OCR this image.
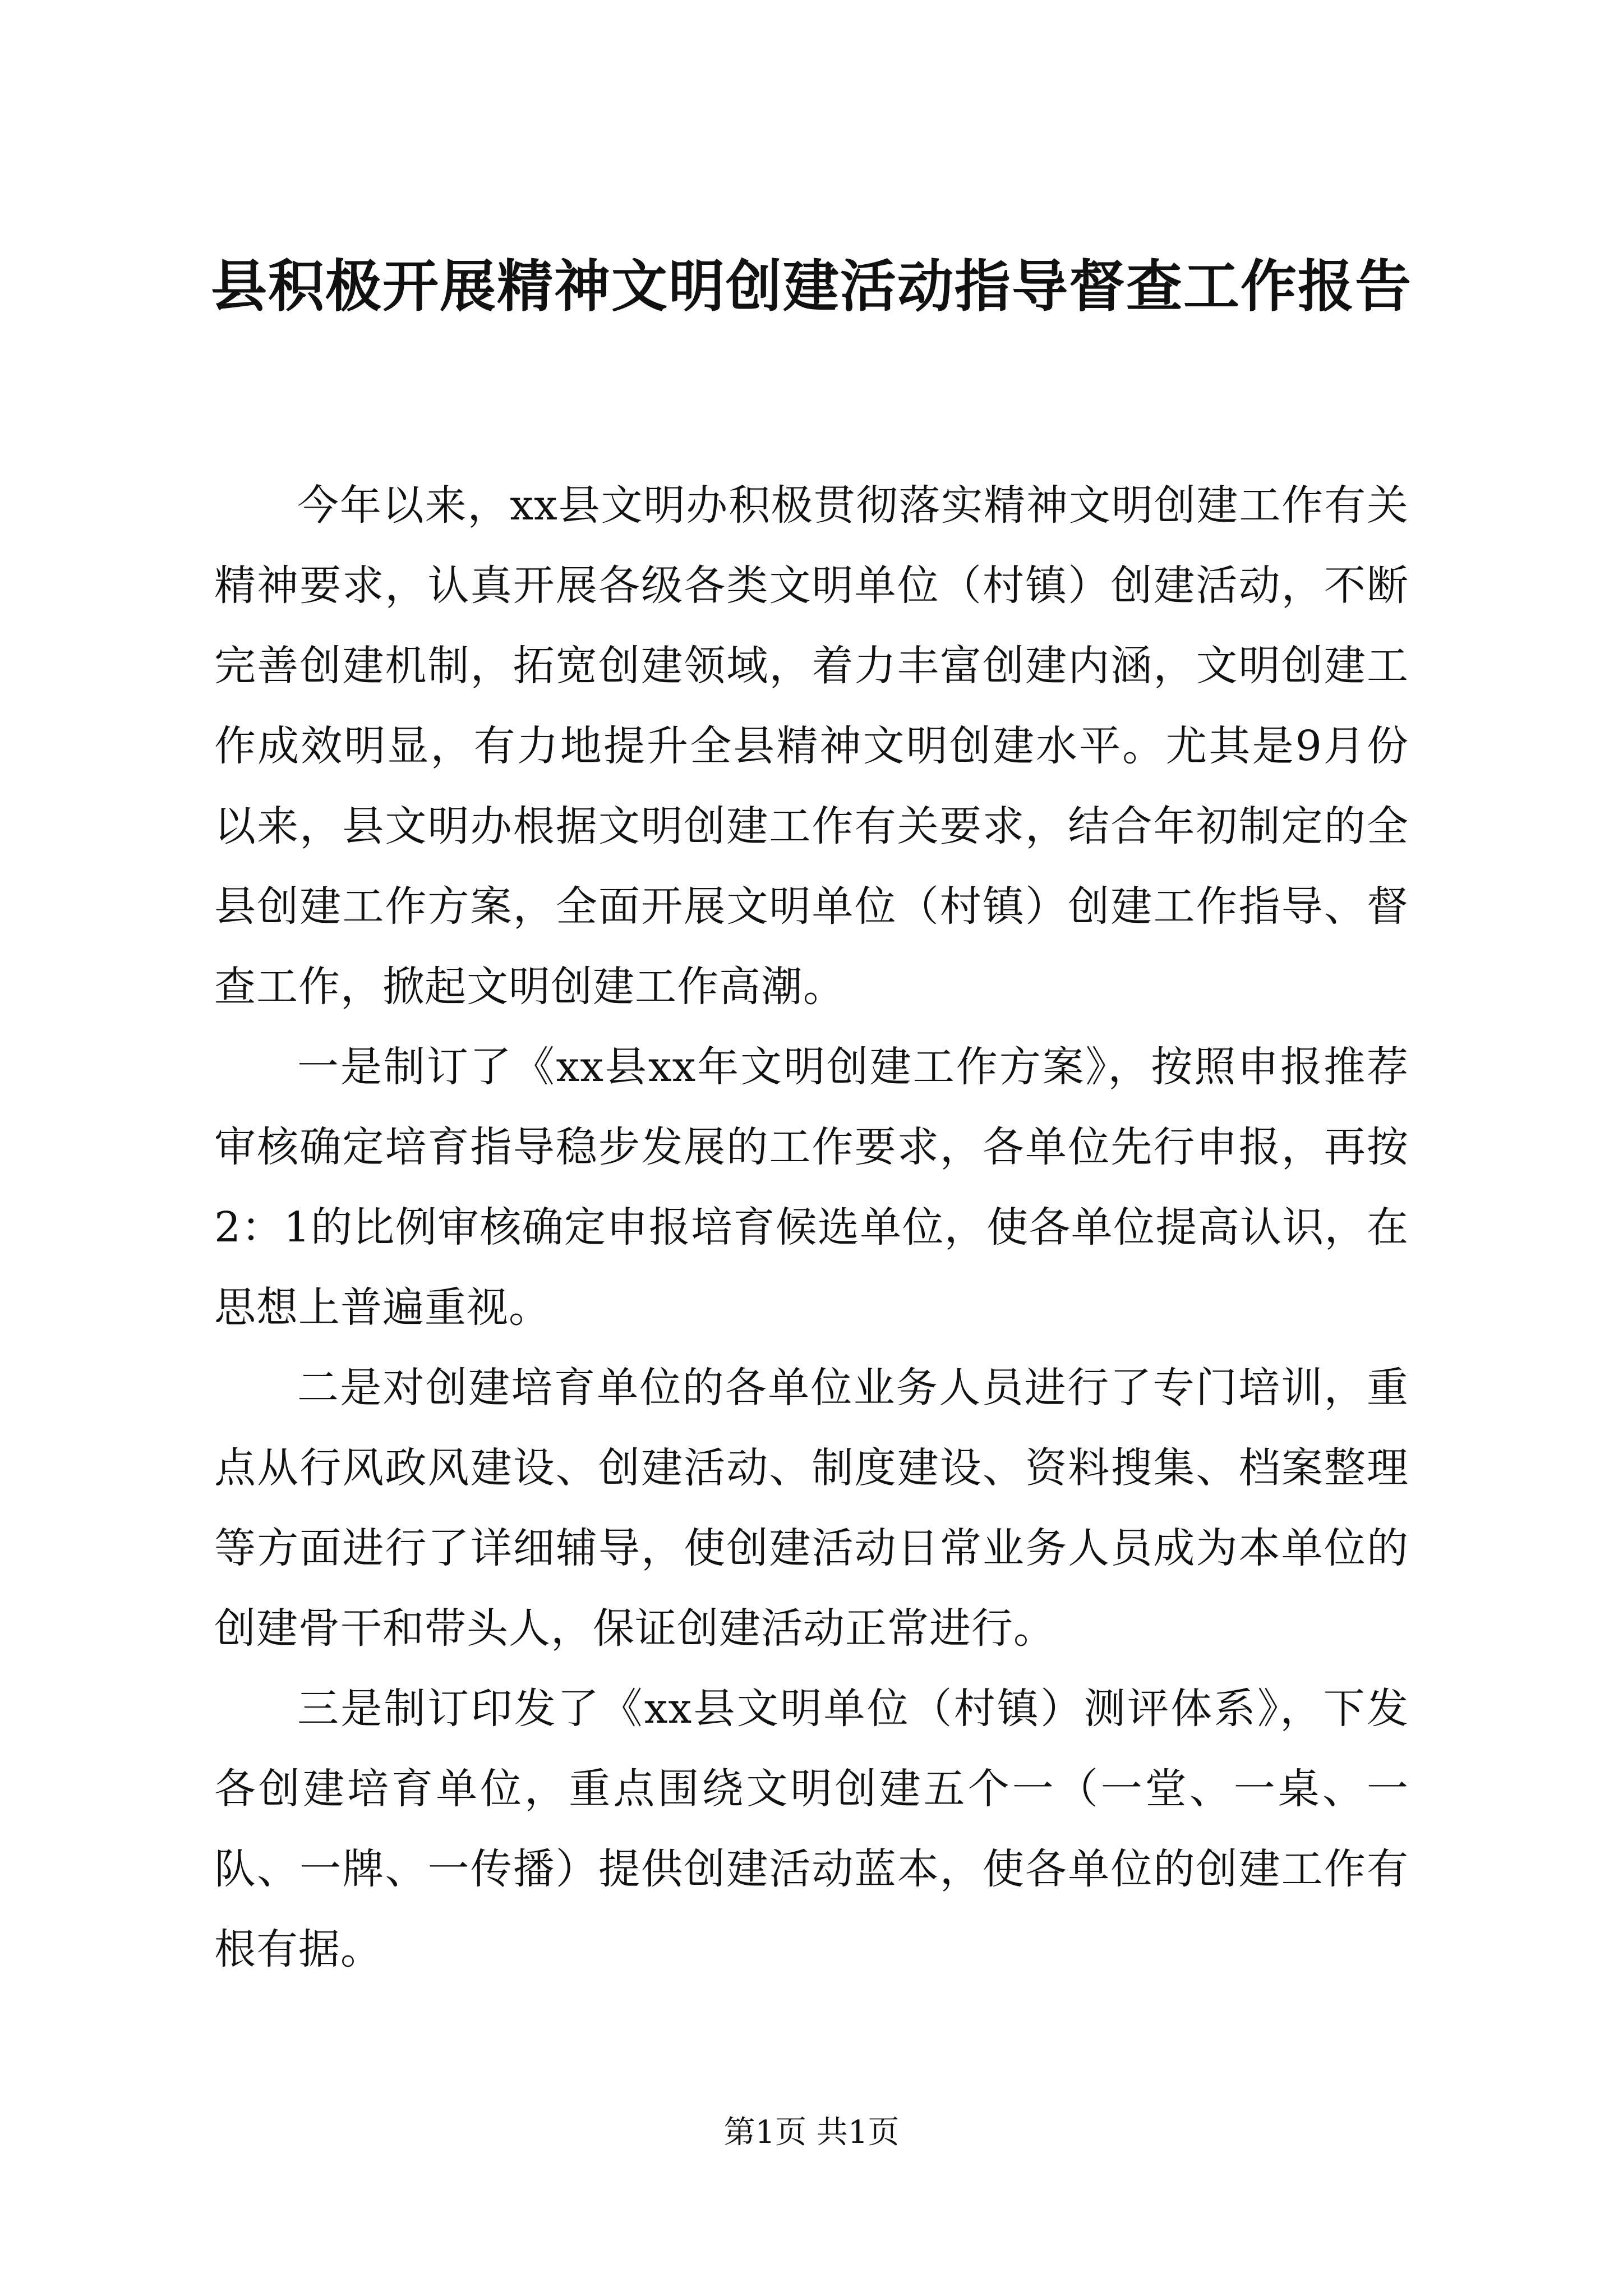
县积极开展精神文明创建活动指导督查工作报告

今年以来，xx县文明办积极贯彻落实精神文明创建工作有关精神要求，认真开展各级各类文明单位（村镇）创建活动，不断完善创建机制，拓宽创建领域，着力丰富创建内涵，文明创建工作成效明显，有力地提升全县精神文明创建水平。尤其是9月份以来，县文明办根据文明创建工作有关要求，结合年初制定的全县创建工作方案，全面开展文明单位（村镇）创建工作指导、督查工作，掀起文明创建工作高潮。

一是制订了《xx县xx年文明创建工作方案》，按照申报推荐审核确定培育指导稳步发展的工作要求，各单位先行申报，再按2：1的比例审核确定申报培育候选单位，使各单位提高认识，在思想上普遍重视。

二是对创建培育单位的各单位业务人员进行了专门培训，重点从行风政风建设、创建活动、制度建设、资料搜集、档案整理等方面进行了详细辅导，使创建活动日常业务人员成为本单位的创建骨干和带头人，保证创建活动正常进行。

三是制订印发了《xx县文明单位（村镇）测评体系》，下发各创建培育单位，重点围绕文明创建五个一（一堂、一桌、一队、一牌、一传播）提供创建活动蓝本，使各单位的创建工作有根有据。

第1页 共1页
